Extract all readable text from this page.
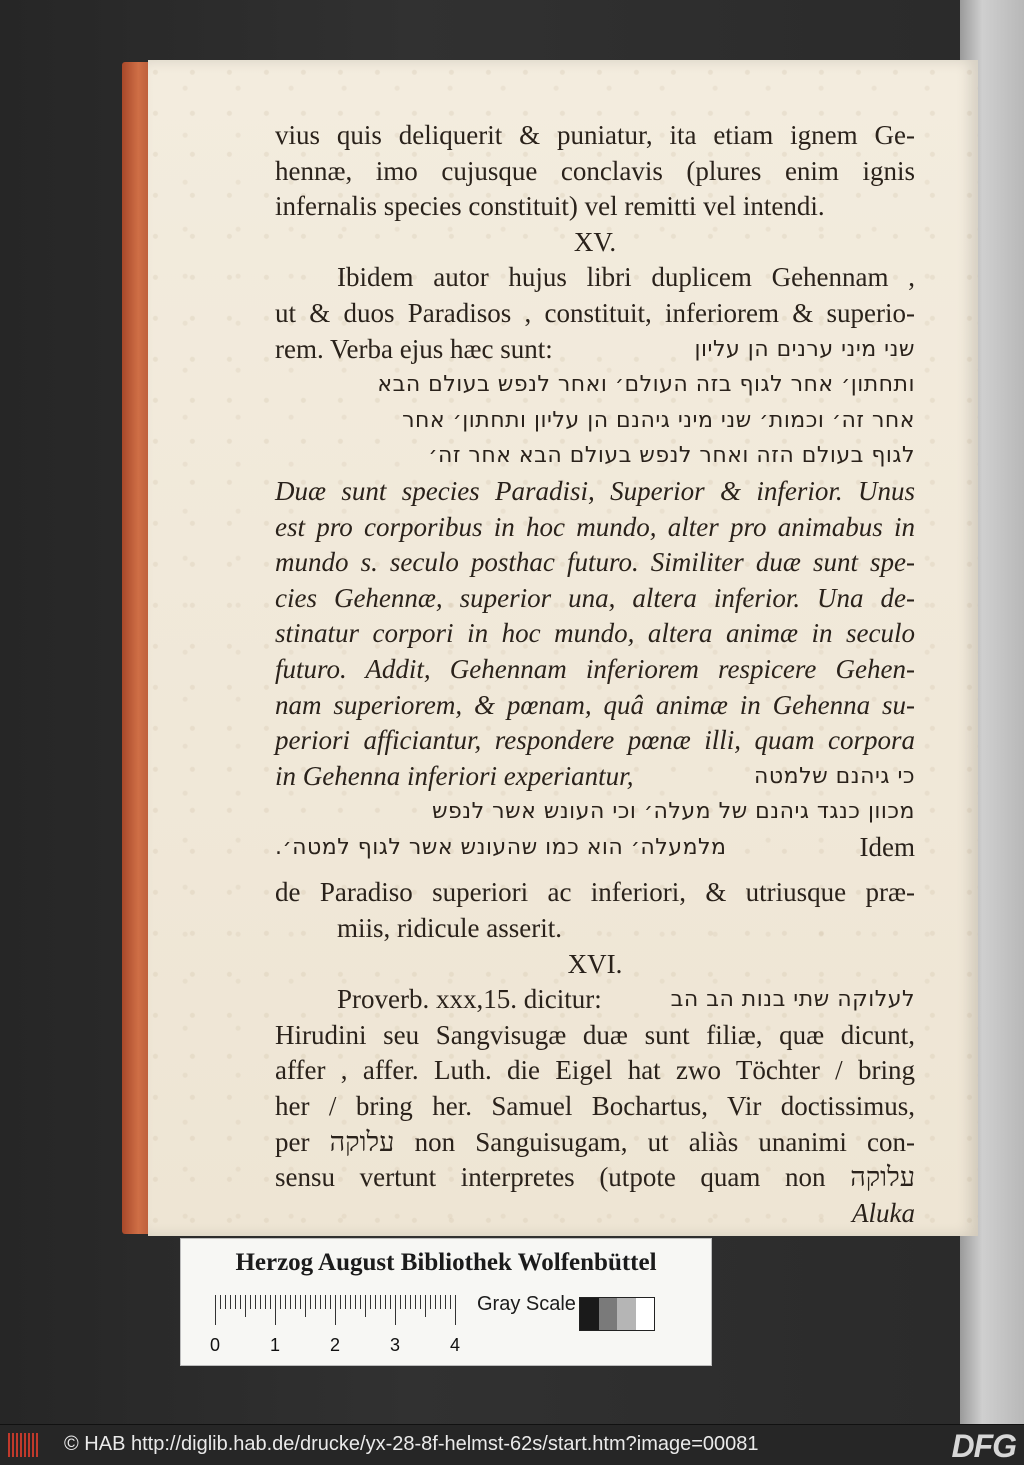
vius quis deliquerit & puniatur, ita etiam ignem Ge-
hennæ, imo cujusque conclavis (plures enim ignis
infernalis species constituit) vel remitti vel intendi.
XV.
Ibidem autor hujus libri duplicem Gehennam ,
ut & duos Paradisos , constituit, inferiorem & superio-
rem. Verba ejus hæc sunt:	שני מיני ערנים הן עליון
ותחתון׳ אחר לגוף בזה העולם׳ ואחר לנפש בעולם הבא
אחר זה׳ וכמות׳ שני מיני גיהנם הן עליון ותחתון׳ אחר
לגוף בעולם הזה ואחר לנפש בעולם הבא אחר זה׳
Duæ sunt species Paradisi, Superior & inferior. Unus
est pro corporibus in hoc mundo, alter pro animabus in
mundo s. seculo posthac futuro. Similiter duæ sunt spe-
cies Gehennæ, superior una, altera inferior. Una de-
stinatur corpori in hoc mundo, altera animæ in seculo
futuro. Addit, Gehennam inferiorem respicere Gehen-
nam superiorem, & pœnam, quâ animæ in Gehenna su-
periori afficiantur, respondere pœnæ illi, quam corpora
in Gehenna inferiori experiantur,	כי גיהנם שלמטה
מכוון כנגד גיהנם של מעלה׳ וכי העונש אשר לנפש
מלמעלה׳ הוא כמו שהעונש אשר לגוף למטה׳.	Idem
de Paradiso superiori ac inferiori, & utriusque præ-
miis, ridicule asserit.
XVI.
Proverb. xxx,15. dicitur:	לעלוקה שתי בנות הב הב
Hirudini seu Sangvisugæ duæ sunt filiæ, quæ dicunt,
affer , affer. Luth. die Eigel hat zwo Töchter / bring
her / bring her. Samuel Bochartus, Vir doctissimus,
per עלוקה non Sanguisugam, ut aliàs unanimi con-
sensu vertunt interpretes (utpote quam non עלוקה
Aluka
Herzog August Bibliothek Wolfenbüttel
0	1	2	3	4
Gray Scale
© HAB http://diglib.hab.de/drucke/yx-28-8f-helmst-62s/start.htm?image=00081	DFG
